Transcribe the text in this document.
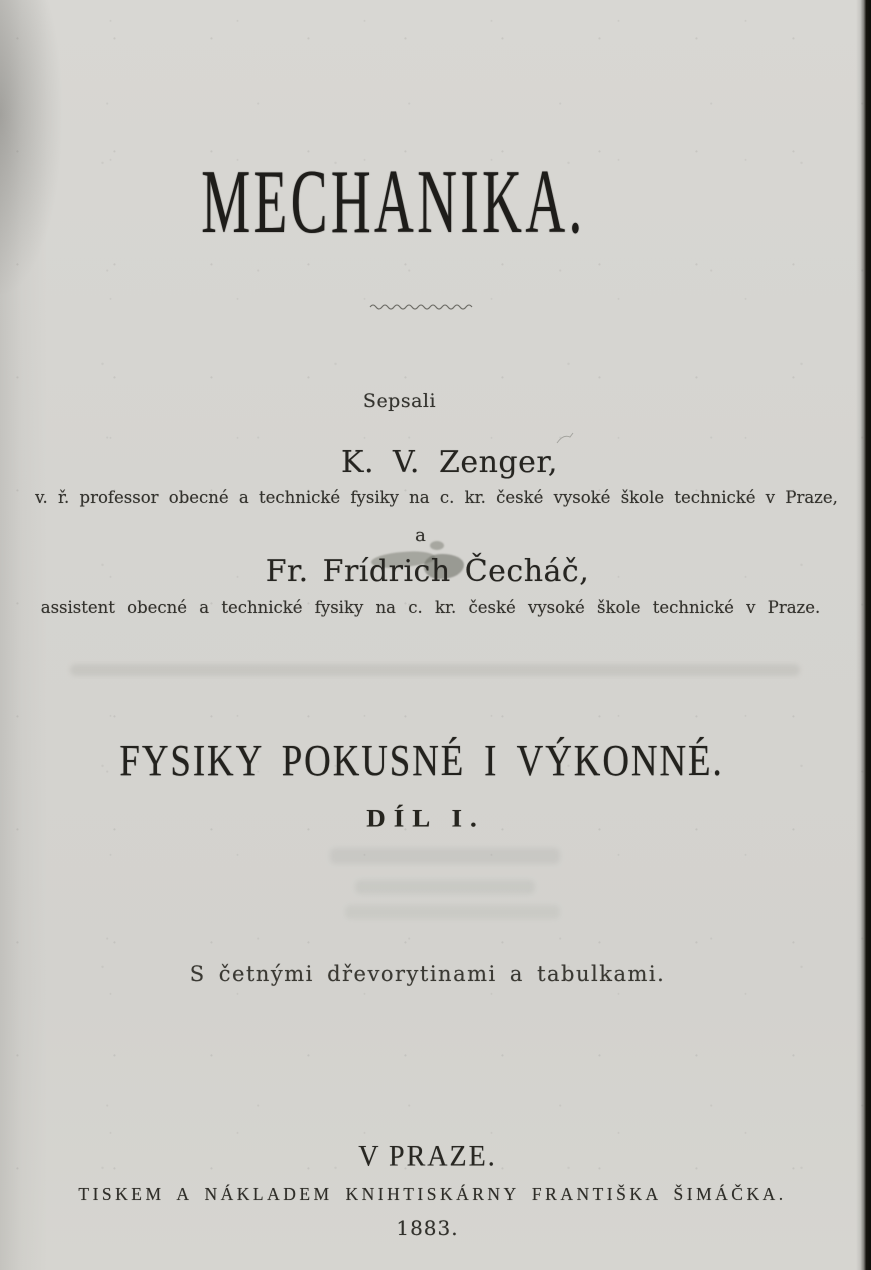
MECHANIKA.
Sepsali
K. V. Zenger,
v. ř. professor obecné a technické fysiky na c. kr. české vysoké škole technické v Praze,
a
Fr. Frídrich Čecháč,
assistent obecné a technické fysiky na c. kr. české vysoké škole technické v Praze.
FYSIKY POKUSNÉ I VÝKONNÉ.
DÍL I.
S četnými dřevorytinami a tabulkami.
V PRAZE.
TISKEM A NÁKLADEM KNIHTISKÁRNY FRANTIŠKA ŠIMÁČKA.
1883.
